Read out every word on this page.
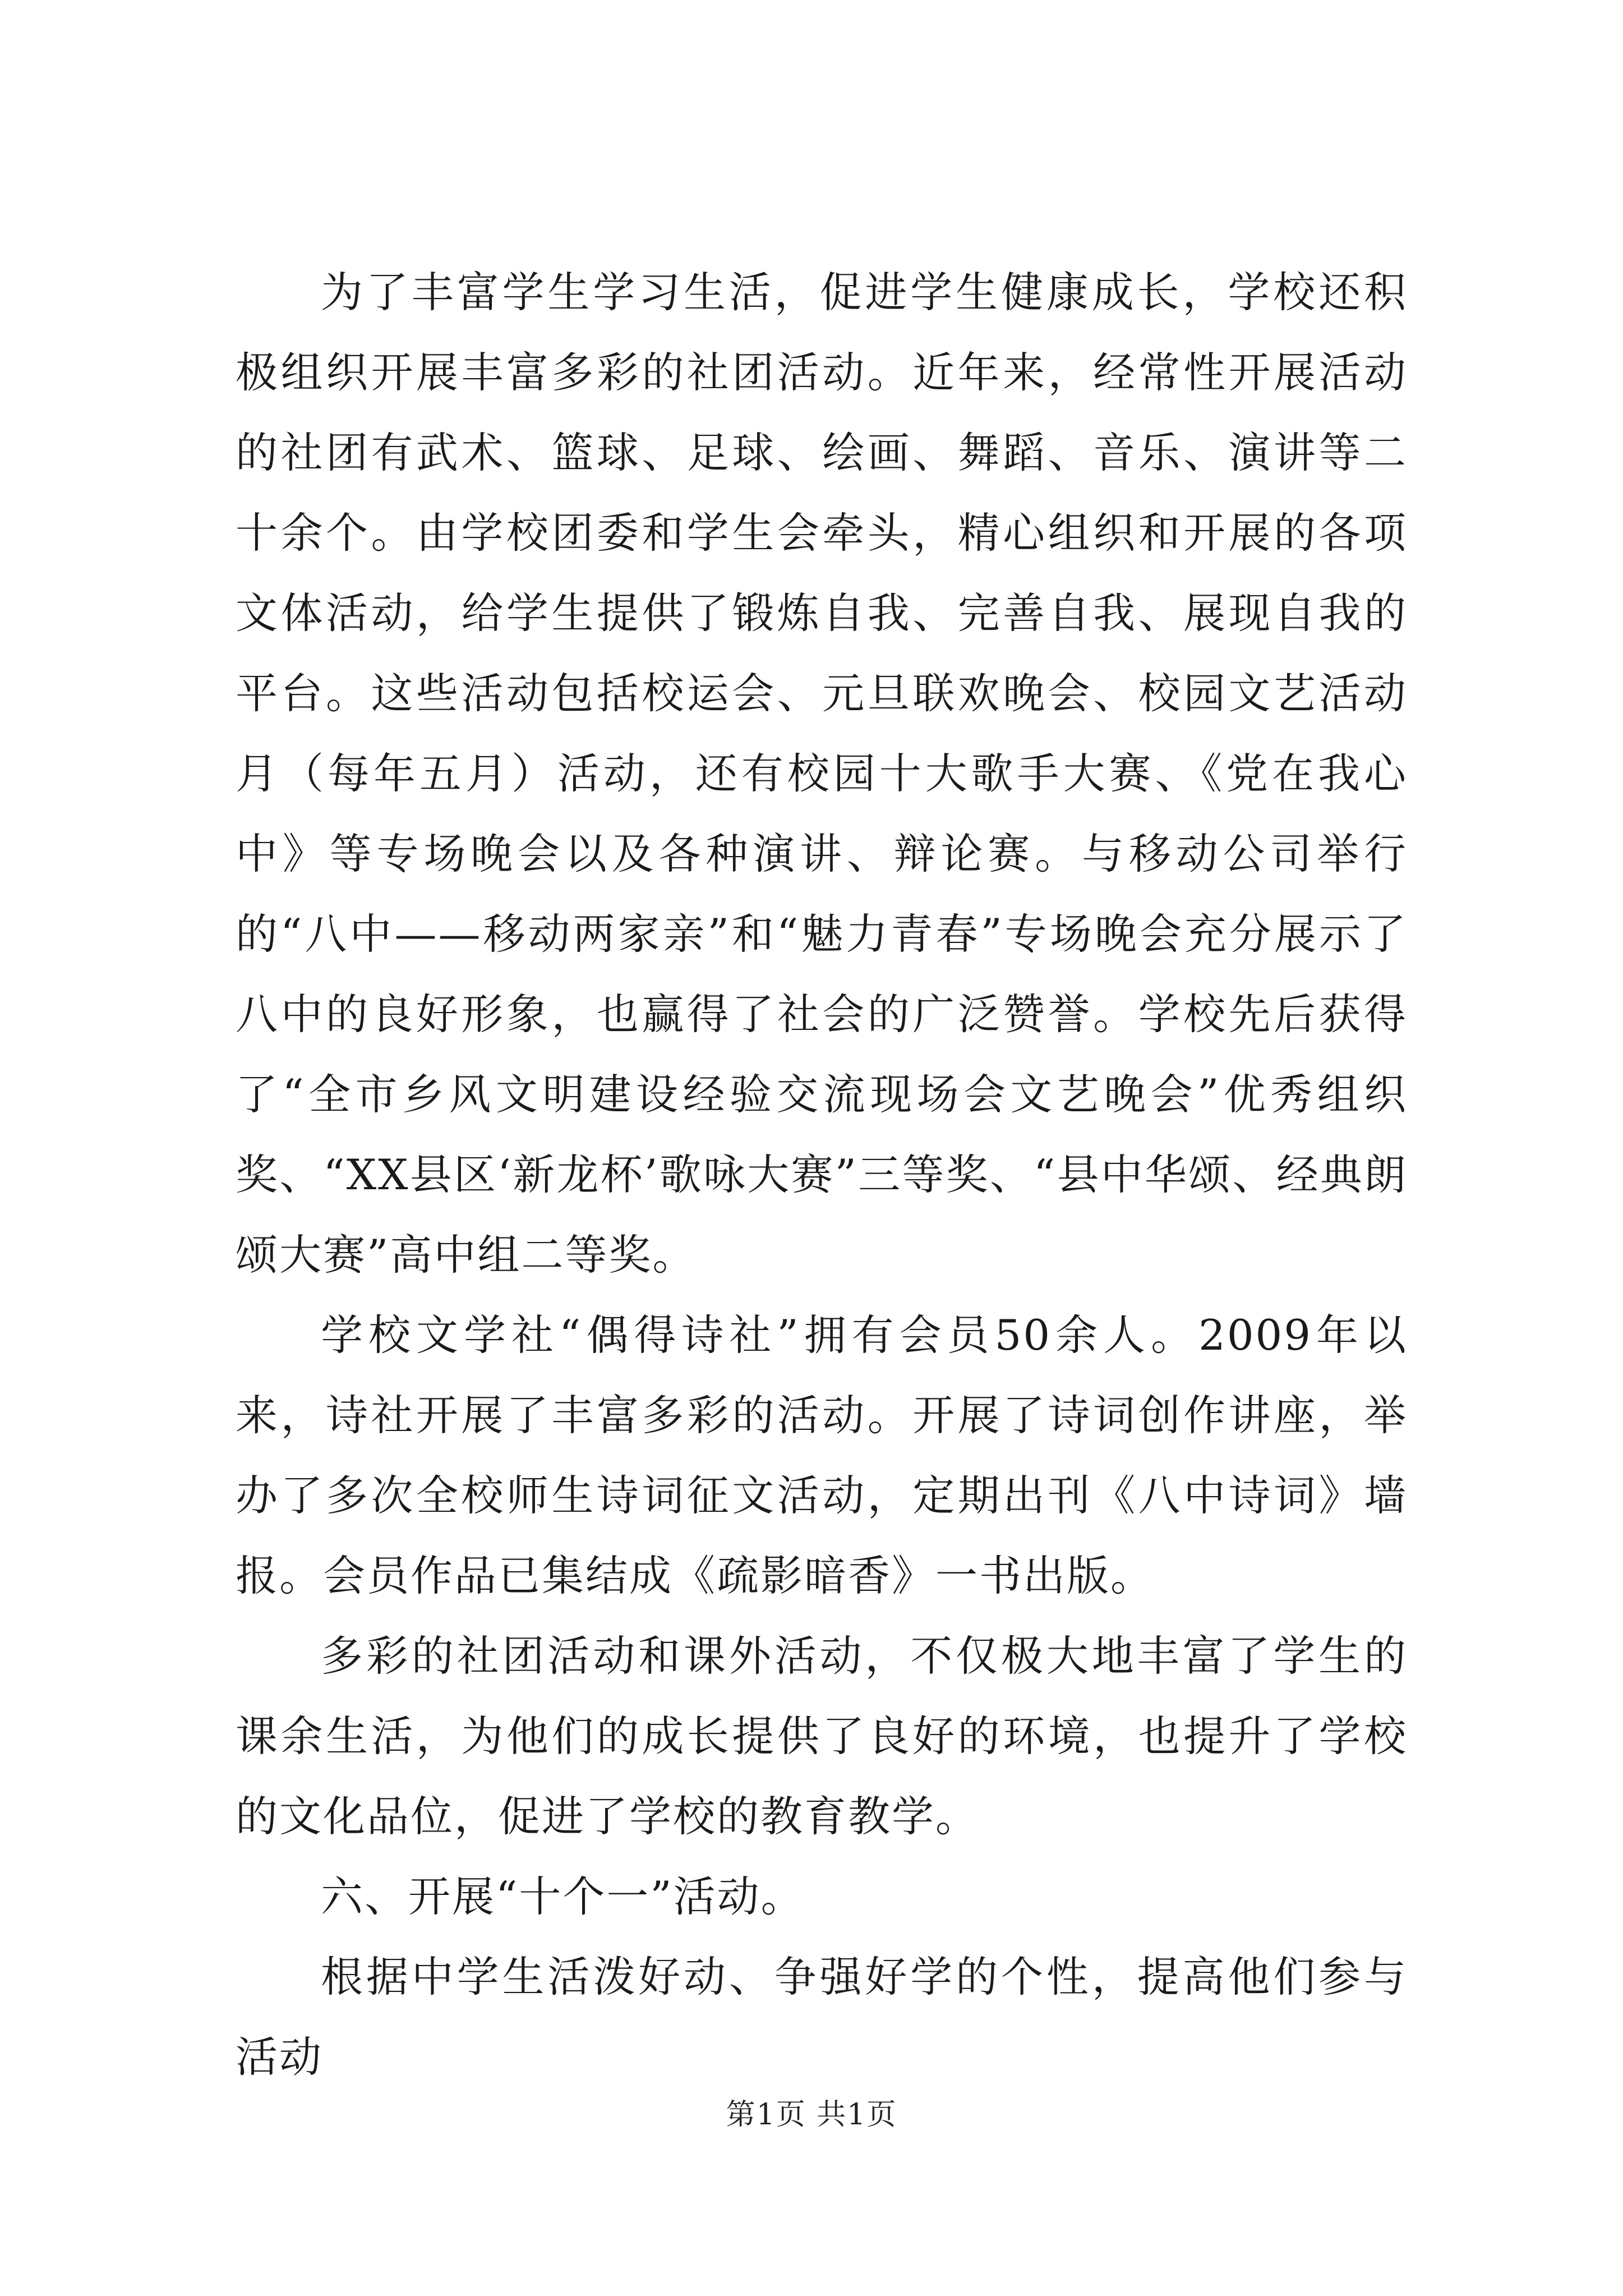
为了丰富学生学习生活，促进学生健康成长，学校还积极组织开展丰富多彩的社团活动。近年来，经常性开展活动的社团有武术、篮球、足球、绘画、舞蹈、音乐、演讲等二十余个。由学校团委和学生会牵头，精心组织和开展的各项文体活动，给学生提供了锻炼自我、完善自我、展现自我的平台。这些活动包括校运会、元旦联欢晚会、校园文艺活动月（每年五月）活动，还有校园十大歌手大赛、《党在我心中》等专场晚会以及各种演讲、辩论赛。与移动公司举行的“八中——移动两家亲”和“魅力青春”专场晚会充分展示了八中的良好形象，也赢得了社会的广泛赞誉。学校先后获得了“全市乡风文明建设经验交流现场会文艺晚会”优秀组织奖、“XX县区‘新龙杯’歌咏大赛”三等奖、“县中华颂、经典朗颂大赛”高中组二等奖。

学校文学社“偶得诗社”拥有会员50余人。2009年以来，诗社开展了丰富多彩的活动。开展了诗词创作讲座，举办了多次全校师生诗词征文活动，定期出刊《八中诗词》墙报。会员作品已集结成《疏影暗香》一书出版。

多彩的社团活动和课外活动，不仅极大地丰富了学生的课余生活，为他们的成长提供了良好的环境，也提升了学校的文化品位，促进了学校的教育教学。

六、开展“十个一”活动。

根据中学生活泼好动、争强好学的个性，提高他们参与活动

第1页 共1页
